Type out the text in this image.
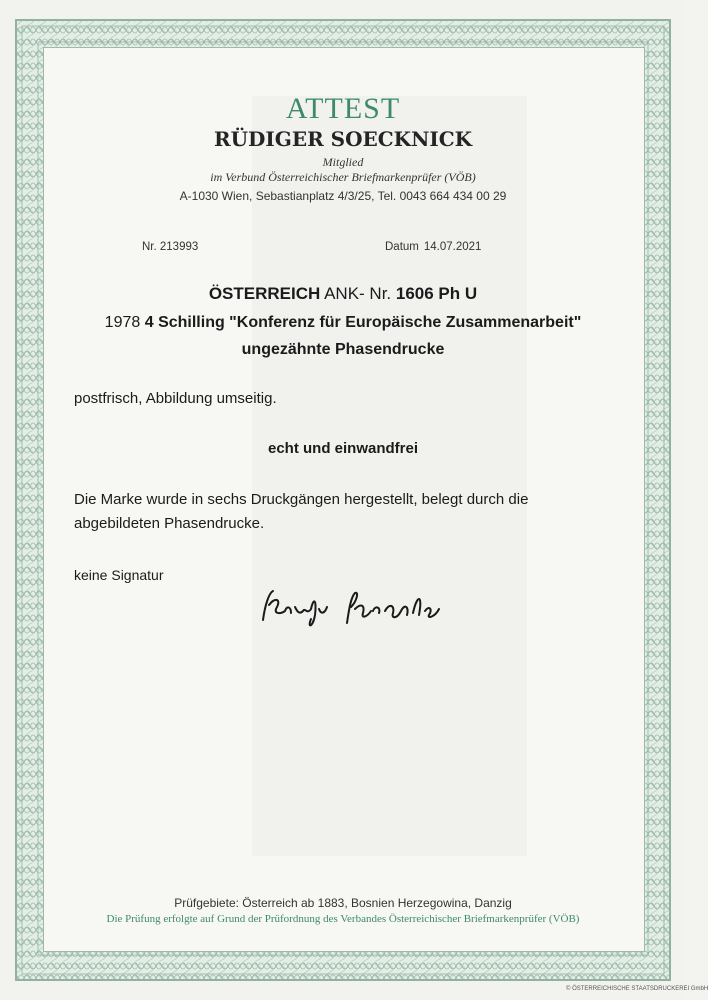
ATTEST
RÜDIGER SOECKNICK
Mitglied
im Verbund Österreichischer Briefmarkenprüfer (VÖB)
A-1030 Wien, Sebastianplatz 4/3/25, Tel. 0043 664 434 00 29
Nr. 213993	Datum 14.07.2021
ÖSTERREICH ANK- Nr. 1606 Ph U
1978 4 Schilling "Konferenz für Europäische Zusammenarbeit"
ungezähnte Phasendrucke
postfrisch, Abbildung umseitig.
echt und einwandfrei
Die Marke wurde in sechs Druckgängen hergestellt, belegt durch die abgebildeten Phasendrucke.
keine Signatur
Prüfgebiete: Österreich ab 1883, Bosnien Herzegowina, Danzig
Die Prüfung erfolgte auf Grund der Prüfordnung des Verbandes Österreichischer Briefmarkenprüfer (VÖB)
© ÖSTERREICHISCHE STAATSDRUCKEREI GmbH
